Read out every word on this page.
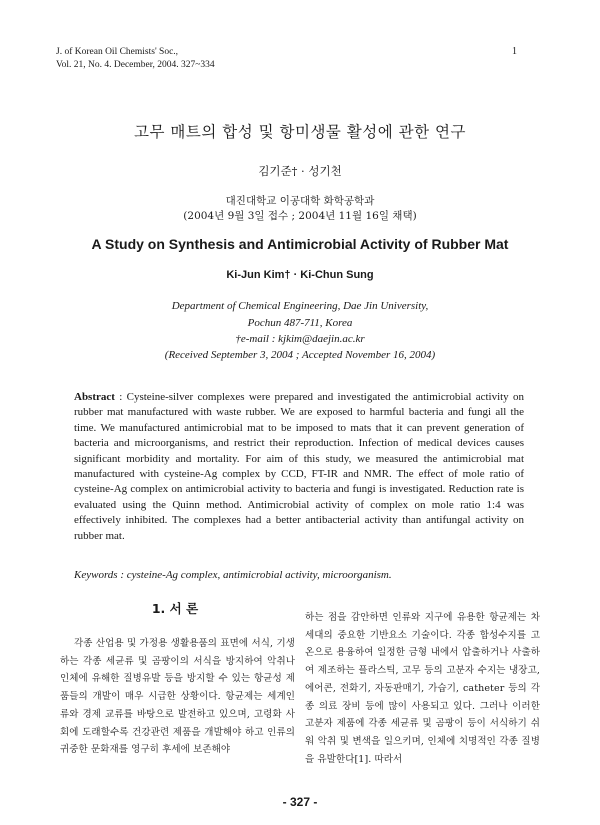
J. of Korean Oil Chemists' Soc.,
Vol. 21, No. 4. December, 2004. 327~334
1
고무 매트의 합성 및 항미생물 활성에 관한 연구
김기준† · 성기천
대진대학교 이공대학 화학공학과
(2004년 9월 3일 접수 ; 2004년 11월 16일 채택)
A Study on Synthesis and Antimicrobial Activity of Rubber Mat
Ki-Jun Kim† · Ki-Chun Sung
Department of Chemical Engineering, Dae Jin University,
Pochun 487-711, Korea
†e-mail : kjkim@daejin.ac.kr
(Received September 3, 2004 ; Accepted November 16, 2004)
Abstract : Cysteine-silver complexes were prepared and investigated the antimicrobial activity on rubber mat manufactured with waste rubber. We are exposed to harmful bacteria and fungi all the time. We manufactured antimicrobial mat to be imposed to mats that it can prevent generation of bacteria and microorganisms, and restrict their reproduction. Infection of medical devices causes significant morbidity and mortality. For aim of this study, we measured the antimicrobial mat manufactured with cysteine-Ag complex by CCD, FT-IR and NMR. The effect of mole ratio of cysteine-Ag complex on antimicrobial activity to bacteria and fungi is investigated. Reduction rate is evaluated using the Quinn method. Antimicrobial activity of complex on mole ratio 1:4 was effectively inhibited. The complexes had a better antibacterial activity than antifungal activity on rubber mat.
Keywords : cysteine-Ag complex, antimicrobial activity, microorganism.
1. 서 론
각종 산업용 및 가정용 생활용품의 표면에 서식, 기생하는 각종 세균류 및 곰팡이의 서식을 방지하여 악취나 인체에 유해한 질병유발 등을 방지할 수 있는 항균성 제품들의 개발이 매우 시급한 상황이다. 항균제는 세계인류와 경제 교류를 바탕으로 발전하고 있으며, 고령화 사회에 도래할수록 건강관련 제품을 개발해야 하고 인류의 귀중한 문화재를 영구히 후세에 보존해야
하는 점을 감안하면 인류와 지구에 유용한 항균제는 차세대의 중요한 기반요소 기술이다. 각종 합성수지를 고온으로 용융하여 일정한 금형 내에서 압출하거나 사출하여 제조하는 플라스틱, 고무 등의 고분자 수지는 냉장고, 에어콘, 전화기, 자동판매기, 가습기, catheter 등의 각종 의료 장비 등에 많이 사용되고 있다. 그러나 이러한 고분자 제품에 각종 세균류 및 곰팡이 등이 서식하기 쉬워 악취 및 변색을 일으키며, 인체에 치명적인 각종 질병을 유발한다[1]. 따라서
- 327 -
